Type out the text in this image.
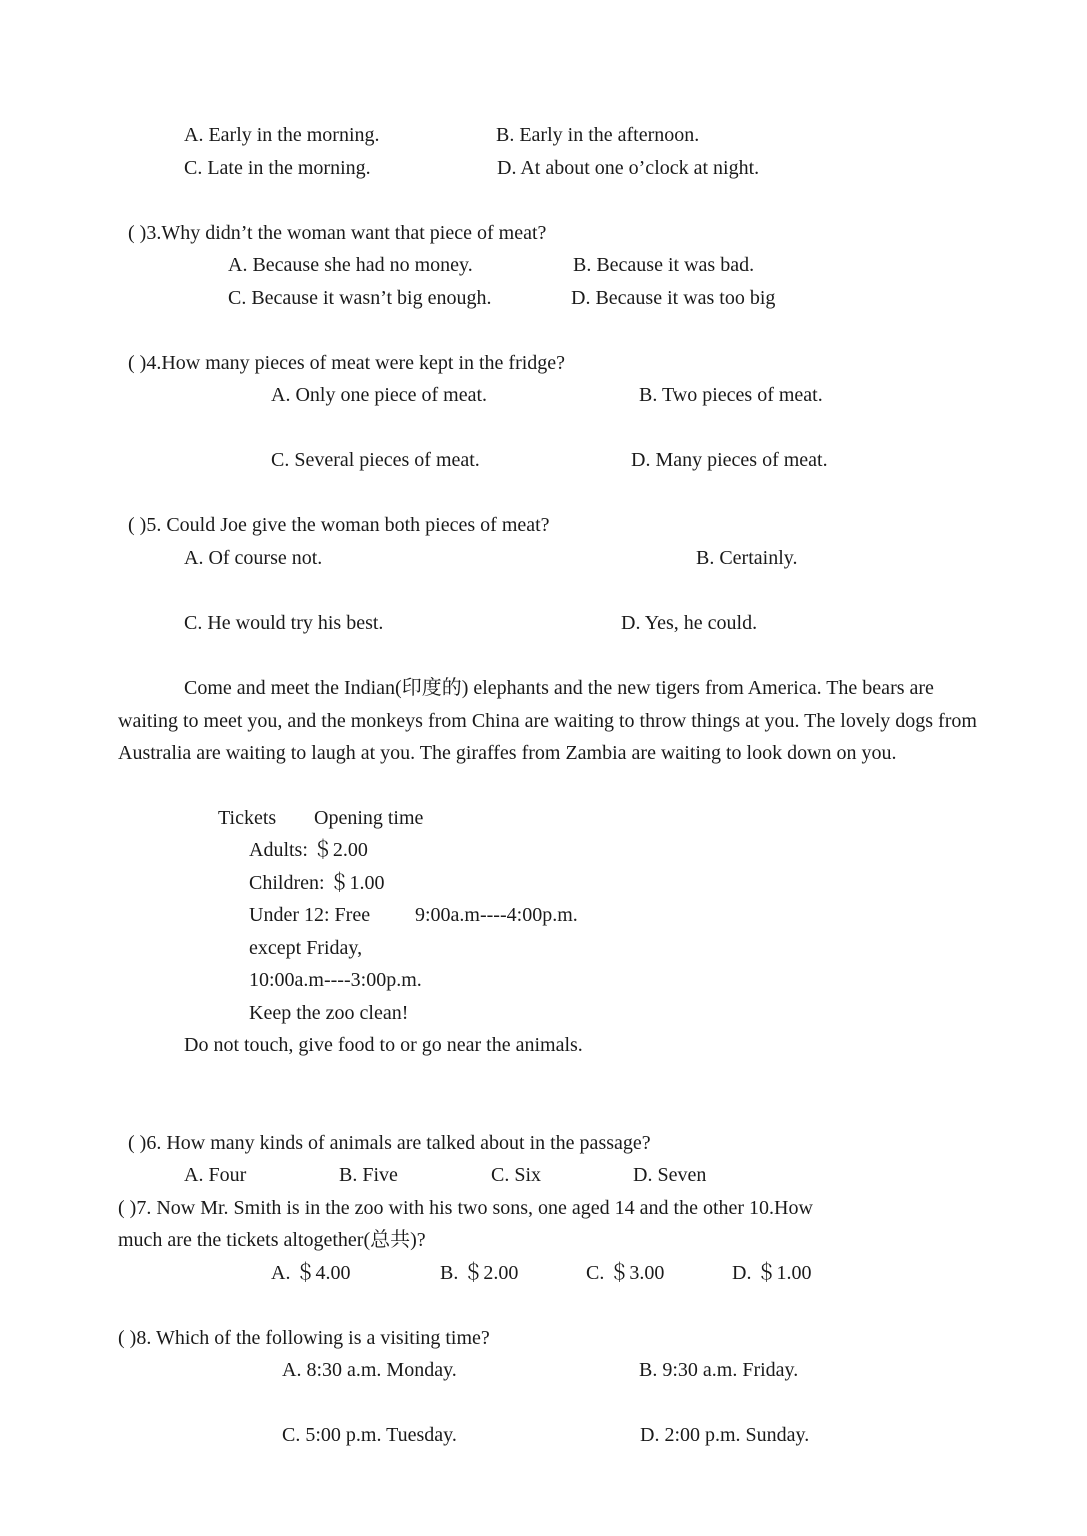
A. Early in the morning.	B. Early in the afternoon.
C. Late in the morning.	D. At about one o’clock at night.
( )3.Why didn’t the woman want that piece of meat?
A. Because she had no money.	B. Because it was bad.
C. Because it wasn’t big enough.	D. Because it was too big
( )4.How many pieces of meat were kept in the fridge?
A. Only one piece of meat.	B. Two pieces of meat.
C. Several pieces of meat.	D. Many pieces of meat.
( )5. Could Joe give the woman both pieces of meat?
A. Of course not.	B. Certainly.
C. He would try his best.	D. Yes, he could.
Come and meet the Indian(印度的) elephants and the new tigers from America. The bears are waiting to meet you, and the monkeys from China are waiting to throw things at you. The lovely dogs from Australia are waiting to laugh at you. The giraffes from Zambia are waiting to look down on you.
Tickets Opening time
Adults: ＄2.00
Children: ＄1.00
Under 12: Free 9:00a.m----4:00p.m.
except Friday,
10:00a.m----3:00p.m.
Keep the zoo clean!
Do not touch, give food to or go near the animals.
( )6. How many kinds of animals are talked about in the passage?
A. Four	B. Five	C. Six	D. Seven
( )7. Now Mr. Smith is in the zoo with his two sons, one aged 14 and the other 10.How
much are the tickets altogether(总共)?
A. ＄4.00	B. ＄2.00	C. ＄3.00	D. ＄1.00
( )8. Which of the following is a visiting time?
A. 8:30 a.m. Monday.	B. 9:30 a.m. Friday.
C. 5:00 p.m. Tuesday.	D. 2:00 p.m. Sunday.
